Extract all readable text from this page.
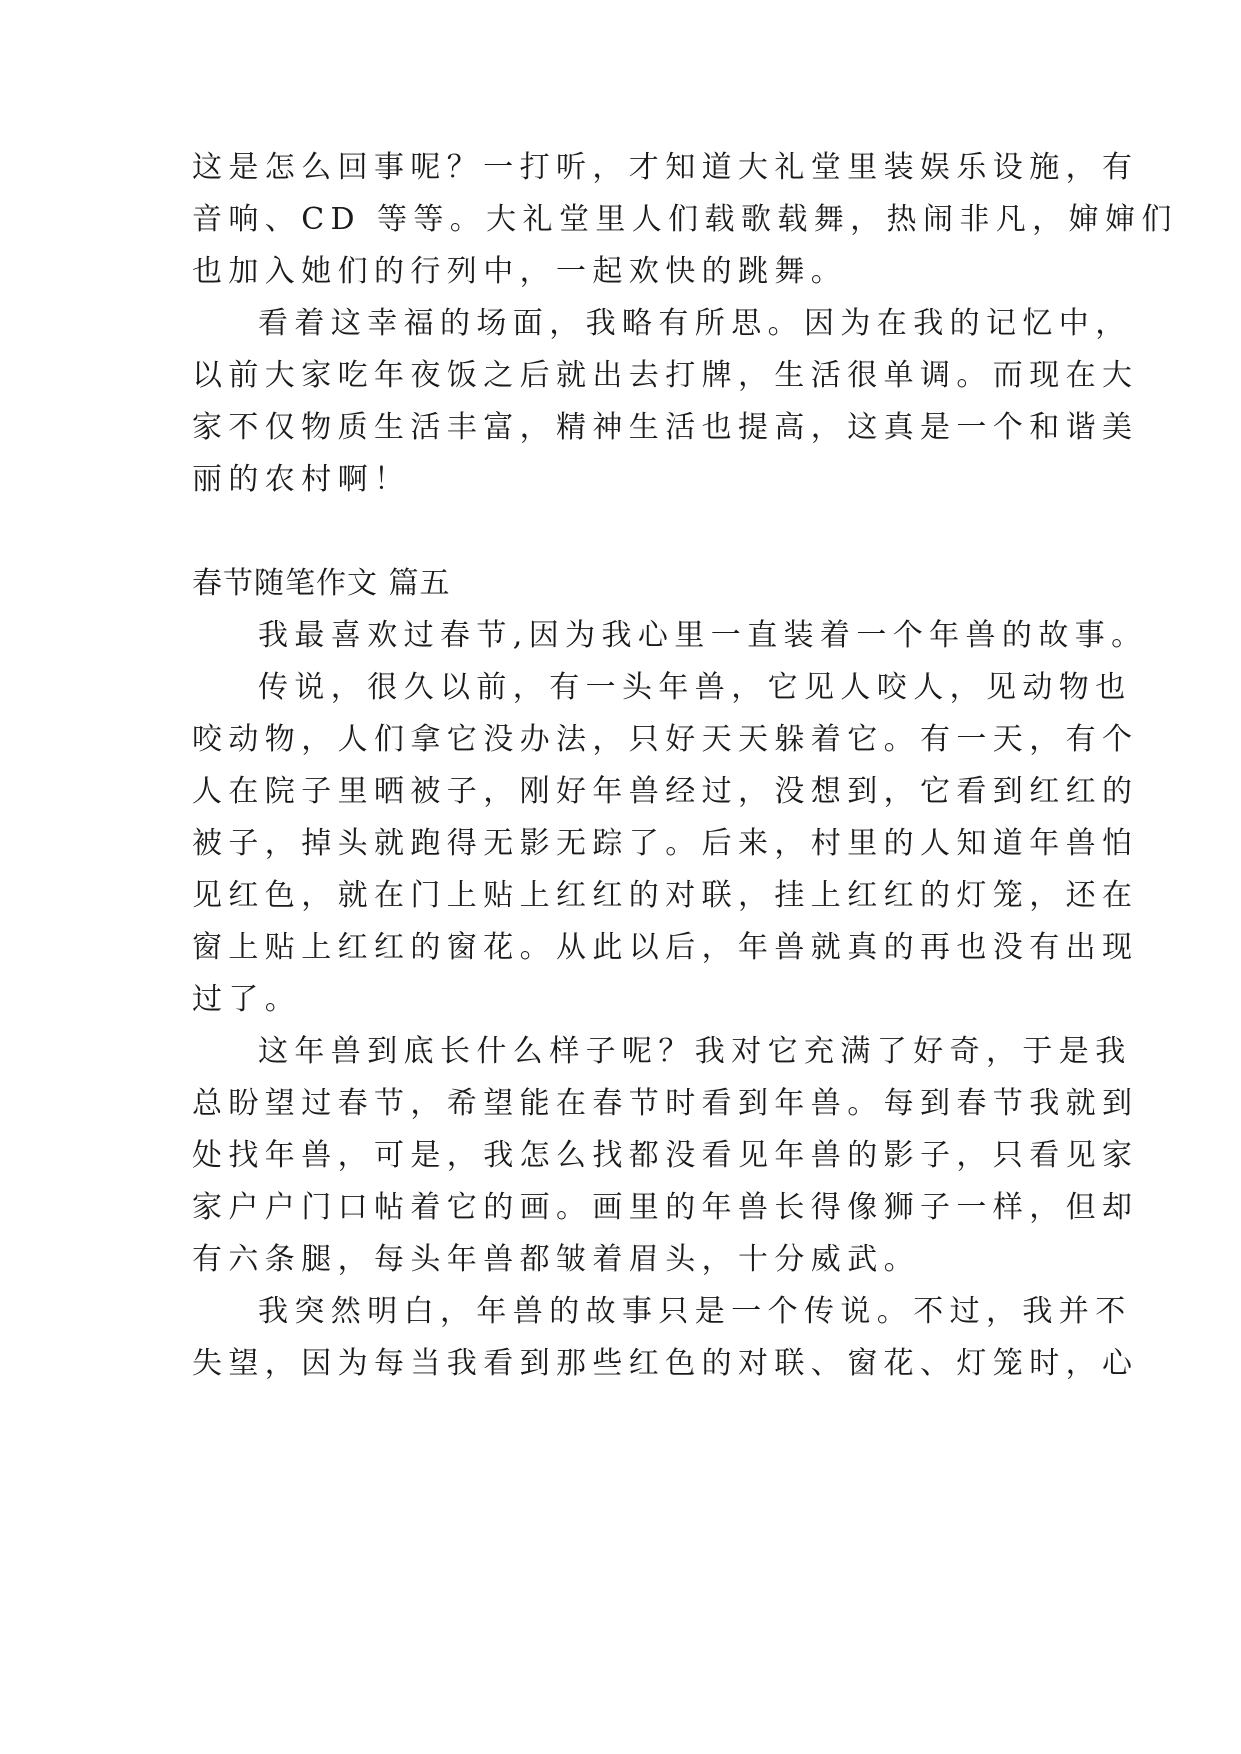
这是怎么回事呢？一打听，才知道大礼堂里装娱乐设施，有
音响、CD 等等。大礼堂里人们载歌载舞，热闹非凡，婶婶们
也加入她们的行列中，一起欢快的跳舞。
看着这幸福的场面，我略有所思。因为在我的记忆中，
以前大家吃年夜饭之后就出去打牌，生活很单调。而现在大
家不仅物质生活丰富，精神生活也提高，这真是一个和谐美
丽的农村啊！
春节随笔作文 篇五
我最喜欢过春节,因为我心里一直装着一个年兽的故事。
传说，很久以前，有一头年兽，它见人咬人，见动物也
咬动物，人们拿它没办法，只好天天躲着它。有一天，有个
人在院子里晒被子，刚好年兽经过，没想到，它看到红红的
被子，掉头就跑得无影无踪了。后来，村里的人知道年兽怕
见红色，就在门上贴上红红的对联，挂上红红的灯笼，还在
窗上贴上红红的窗花。从此以后，年兽就真的再也没有出现
过了。
这年兽到底长什么样子呢？我对它充满了好奇，于是我
总盼望过春节，希望能在春节时看到年兽。每到春节我就到
处找年兽，可是，我怎么找都没看见年兽的影子，只看见家
家户户门口帖着它的画。画里的年兽长得像狮子一样，但却
有六条腿，每头年兽都皱着眉头，十分威武。
我突然明白，年兽的故事只是一个传说。不过，我并不
失望，因为每当我看到那些红色的对联、窗花、灯笼时，心
